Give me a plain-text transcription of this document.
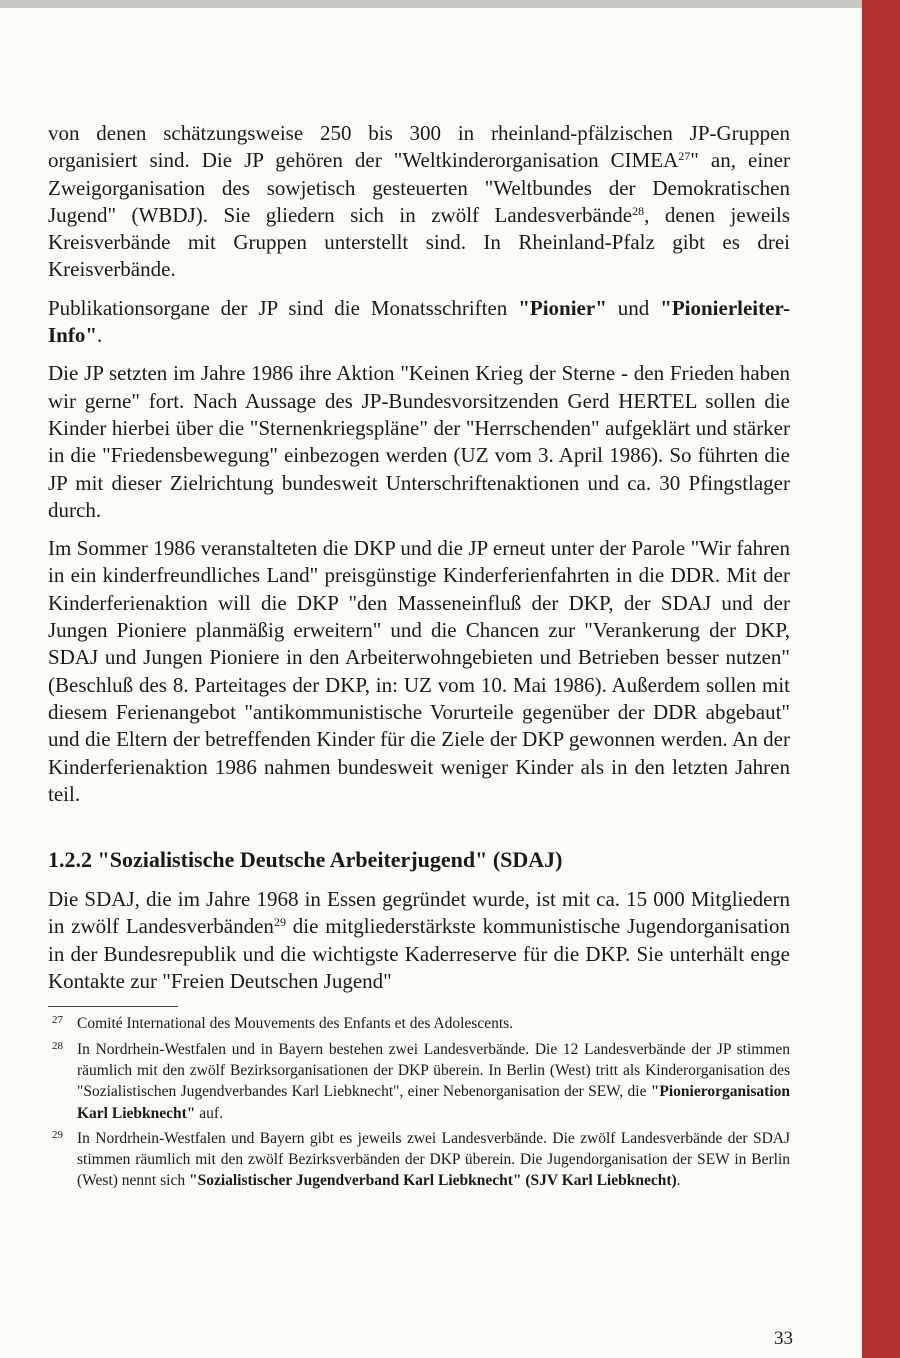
von denen schätzungsweise 250 bis 300 in rheinland-pfälzischen JP-Gruppen organisiert sind. Die JP gehören der "Weltkinderorganisation CIMEA$^{27}$" an, einer Zweigorganisation des sowjetisch gesteuerten "Weltbundes der Demokratischen Jugend" (WBDJ). Sie gliedern sich in zwölf Landesverbände$^{28}$, denen jeweils Kreisverbände mit Gruppen unterstellt sind. In Rheinland-Pfalz gibt es drei Kreisverbände.

Publikationsorgane der JP sind die Monatsschriften "Pionier" und "Pionierleiter-Info".

Die JP setzten im Jahre 1986 ihre Aktion "Keinen Krieg der Sterne - den Frieden haben wir gerne" fort. Nach Aussage des JP-Bundesvorsitzenden Gerd HERTEL sollen die Kinder hierbei über die "Sternenkriegspläne" der "Herrschenden" aufgeklärt und stärker in die "Friedensbewegung" einbezogen werden (UZ vom 3. April 1986). So führten die JP mit dieser Zielrichtung bundesweit Unterschriftenaktionen und ca. 30 Pfingstlager durch.

Im Sommer 1986 veranstalteten die DKP und die JP erneut unter der Parole "Wir fahren in ein kinderfreundliches Land" preisgünstige Kinderferienfahrten in die DDR. Mit der Kinderferienaktion will die DKP "den Masseneinfluß der DKP, der SDAJ und der Jungen Pioniere planmäßig erweitern" und die Chancen zur "Verankerung der DKP, SDAJ und Jungen Pioniere in den Arbeiterwohngebieten und Betrieben besser nutzen" (Beschluß des 8. Parteitages der DKP, in: UZ vom 10. Mai 1986). Außerdem sollen mit diesem Ferienangebot "antikommunistische Vorurteile gegenüber der DDR abgebaut" und die Eltern der betreffenden Kinder für die Ziele der DKP gewonnen werden. An der Kinderferienaktion 1986 nahmen bundesweit weniger Kinder als in den letzten Jahren teil.

1.2.2 "Sozialistische Deutsche Arbeiterjugend" (SDAJ)

Die SDAJ, die im Jahre 1968 in Essen gegründet wurde, ist mit ca. 15 000 Mitgliedern in zwölf Landesverbänden$^{29}$ die mitgliederstärkste kommunistische Jugendorganisation in der Bundesrepublik und die wichtigste Kaderreserve für die DKP. Sie unterhält enge Kontakte zur "Freien Deutschen Jugend"

27 Comité International des Mouvements des Enfants et des Adolescents.
28 In Nordrhein-Westfalen und in Bayern bestehen zwei Landesverbände. Die 12 Landesverbände der JP stimmen räumlich mit den zwölf Bezirksorganisationen der DKP überein. In Berlin (West) tritt als Kinderorganisation des "Sozialistischen Jugendverbandes Karl Liebknecht", einer Nebenorganisation der SEW, die "Pionierorganisation Karl Liebknecht" auf.
29 In Nordrhein-Westfalen und Bayern gibt es jeweils zwei Landesverbände. Die zwölf Landesverbände der SDAJ stimmen räumlich mit den zwölf Bezirksverbänden der DKP überein. Die Jugendorganisation der SEW in Berlin (West) nennt sich "Sozialistischer Jugendverband Karl Liebknecht" (SJV Karl Liebknecht).
33
